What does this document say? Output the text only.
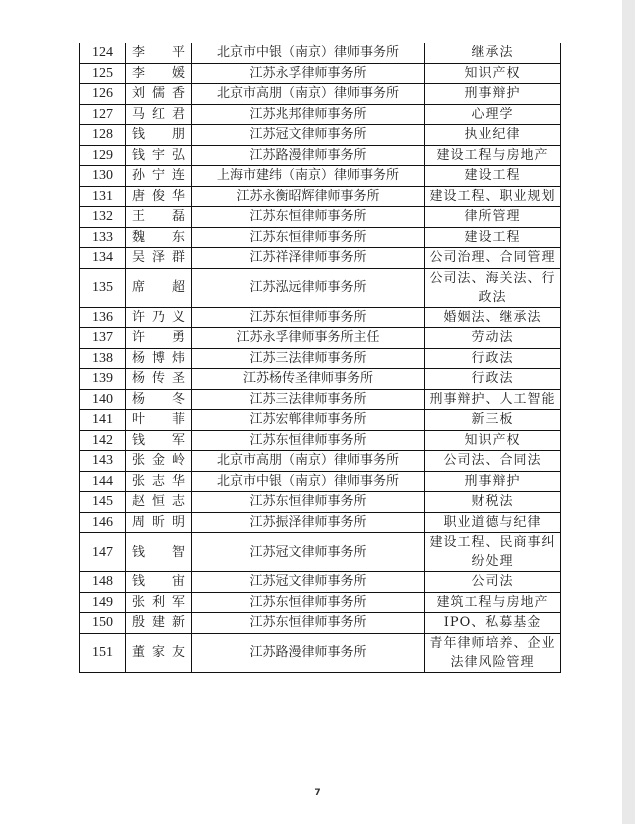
124	李平	北京市中银（南京）律师事务所	继承法
125	李媛	江苏永孚律师事务所	知识产权
126	刘儒香	北京市高朋（南京）律师事务所	刑事辩护
127	马红君	江苏兆邦律师事务所	心理学
128	钱朋	江苏冠文律师事务所	执业纪律
129	钱宇弘	江苏路漫律师事务所	建设工程与房地产
130	孙宁连	上海市建纬（南京）律师事务所	建设工程
131	唐俊华	江苏永衡昭辉律师事务所	建设工程、职业规划
132	王磊	江苏东恒律师事务所	律所管理
133	魏东	江苏东恒律师事务所	建设工程
134	吴泽群	江苏祥泽律师事务所	公司治理、合同管理
135	席超	江苏泓远律师事务所	公司法、海关法、行政法
136	许乃义	江苏东恒律师事务所	婚姻法、继承法
137	许勇	江苏永孚律师事务所主任	劳动法
138	杨博炜	江苏三法律师事务所	行政法
139	杨传圣	江苏杨传圣律师事务所	行政法
140	杨冬	江苏三法律师事务所	刑事辩护、人工智能
141	叶菲	江苏宏郸律师事务所	新三板
142	钱军	江苏东恒律师事务所	知识产权
143	张金岭	北京市高朋（南京）律师事务所	公司法、合同法
144	张志华	北京市中银（南京）律师事务所	刑事辩护
145	赵恒志	江苏东恒律师事务所	财税法
146	周昕明	江苏振泽律师事务所	职业道德与纪律
147	钱智	江苏冠文律师事务所	建设工程、民商事纠纷处理
148	钱宙	江苏冠文律师事务所	公司法
149	张利军	江苏东恒律师事务所	建筑工程与房地产
150	殷建新	江苏东恒律师事务所	IPO、私募基金
151	董家友	江苏路漫律师事务所	青年律师培养、企业法律风险管理
7
